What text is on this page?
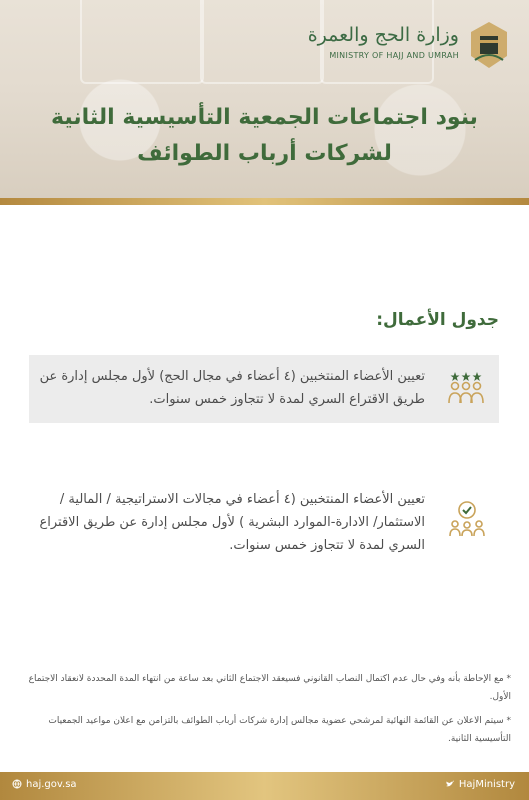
وزارة الحج والعمرة
MINISTRY OF HAJJ AND UMRAH
بنود اجتماعات الجمعية التأسيسية الثانية
لشركات أرباب الطوائف
جدول الأعمال:
تعيين الأعضاء المنتخبين (٤ أعضاء في مجال الحج) لأول مجلس إدارة عن طريق الاقتراع السري لمدة لا تتجاوز خمس سنوات.
تعيين الأعضاء المنتخبين (٤ أعضاء في مجالات الاستراتيجية / المالية / الاستثمار/ الادارة-الموارد البشرية ) لأول مجلس إدارة عن طريق الاقتراع السري لمدة لا تتجاوز خمس سنوات.
* مع الإحاطة بأنه وفي حال عدم اكتمال النصاب القانوني فسيعقد الاجتماع الثاني بعد ساعة من انتهاء المدة المحددة لانعقاد الاجتماع الأول.
* سيتم الاعلان عن القائمة النهائية لمرشحي عضوية مجالس إدارة شركات أرباب الطوائف بالتزامن مع اعلان مواعيد الجمعيات التأسيسية الثانية.
haj.gov.sa	HajMinistry
